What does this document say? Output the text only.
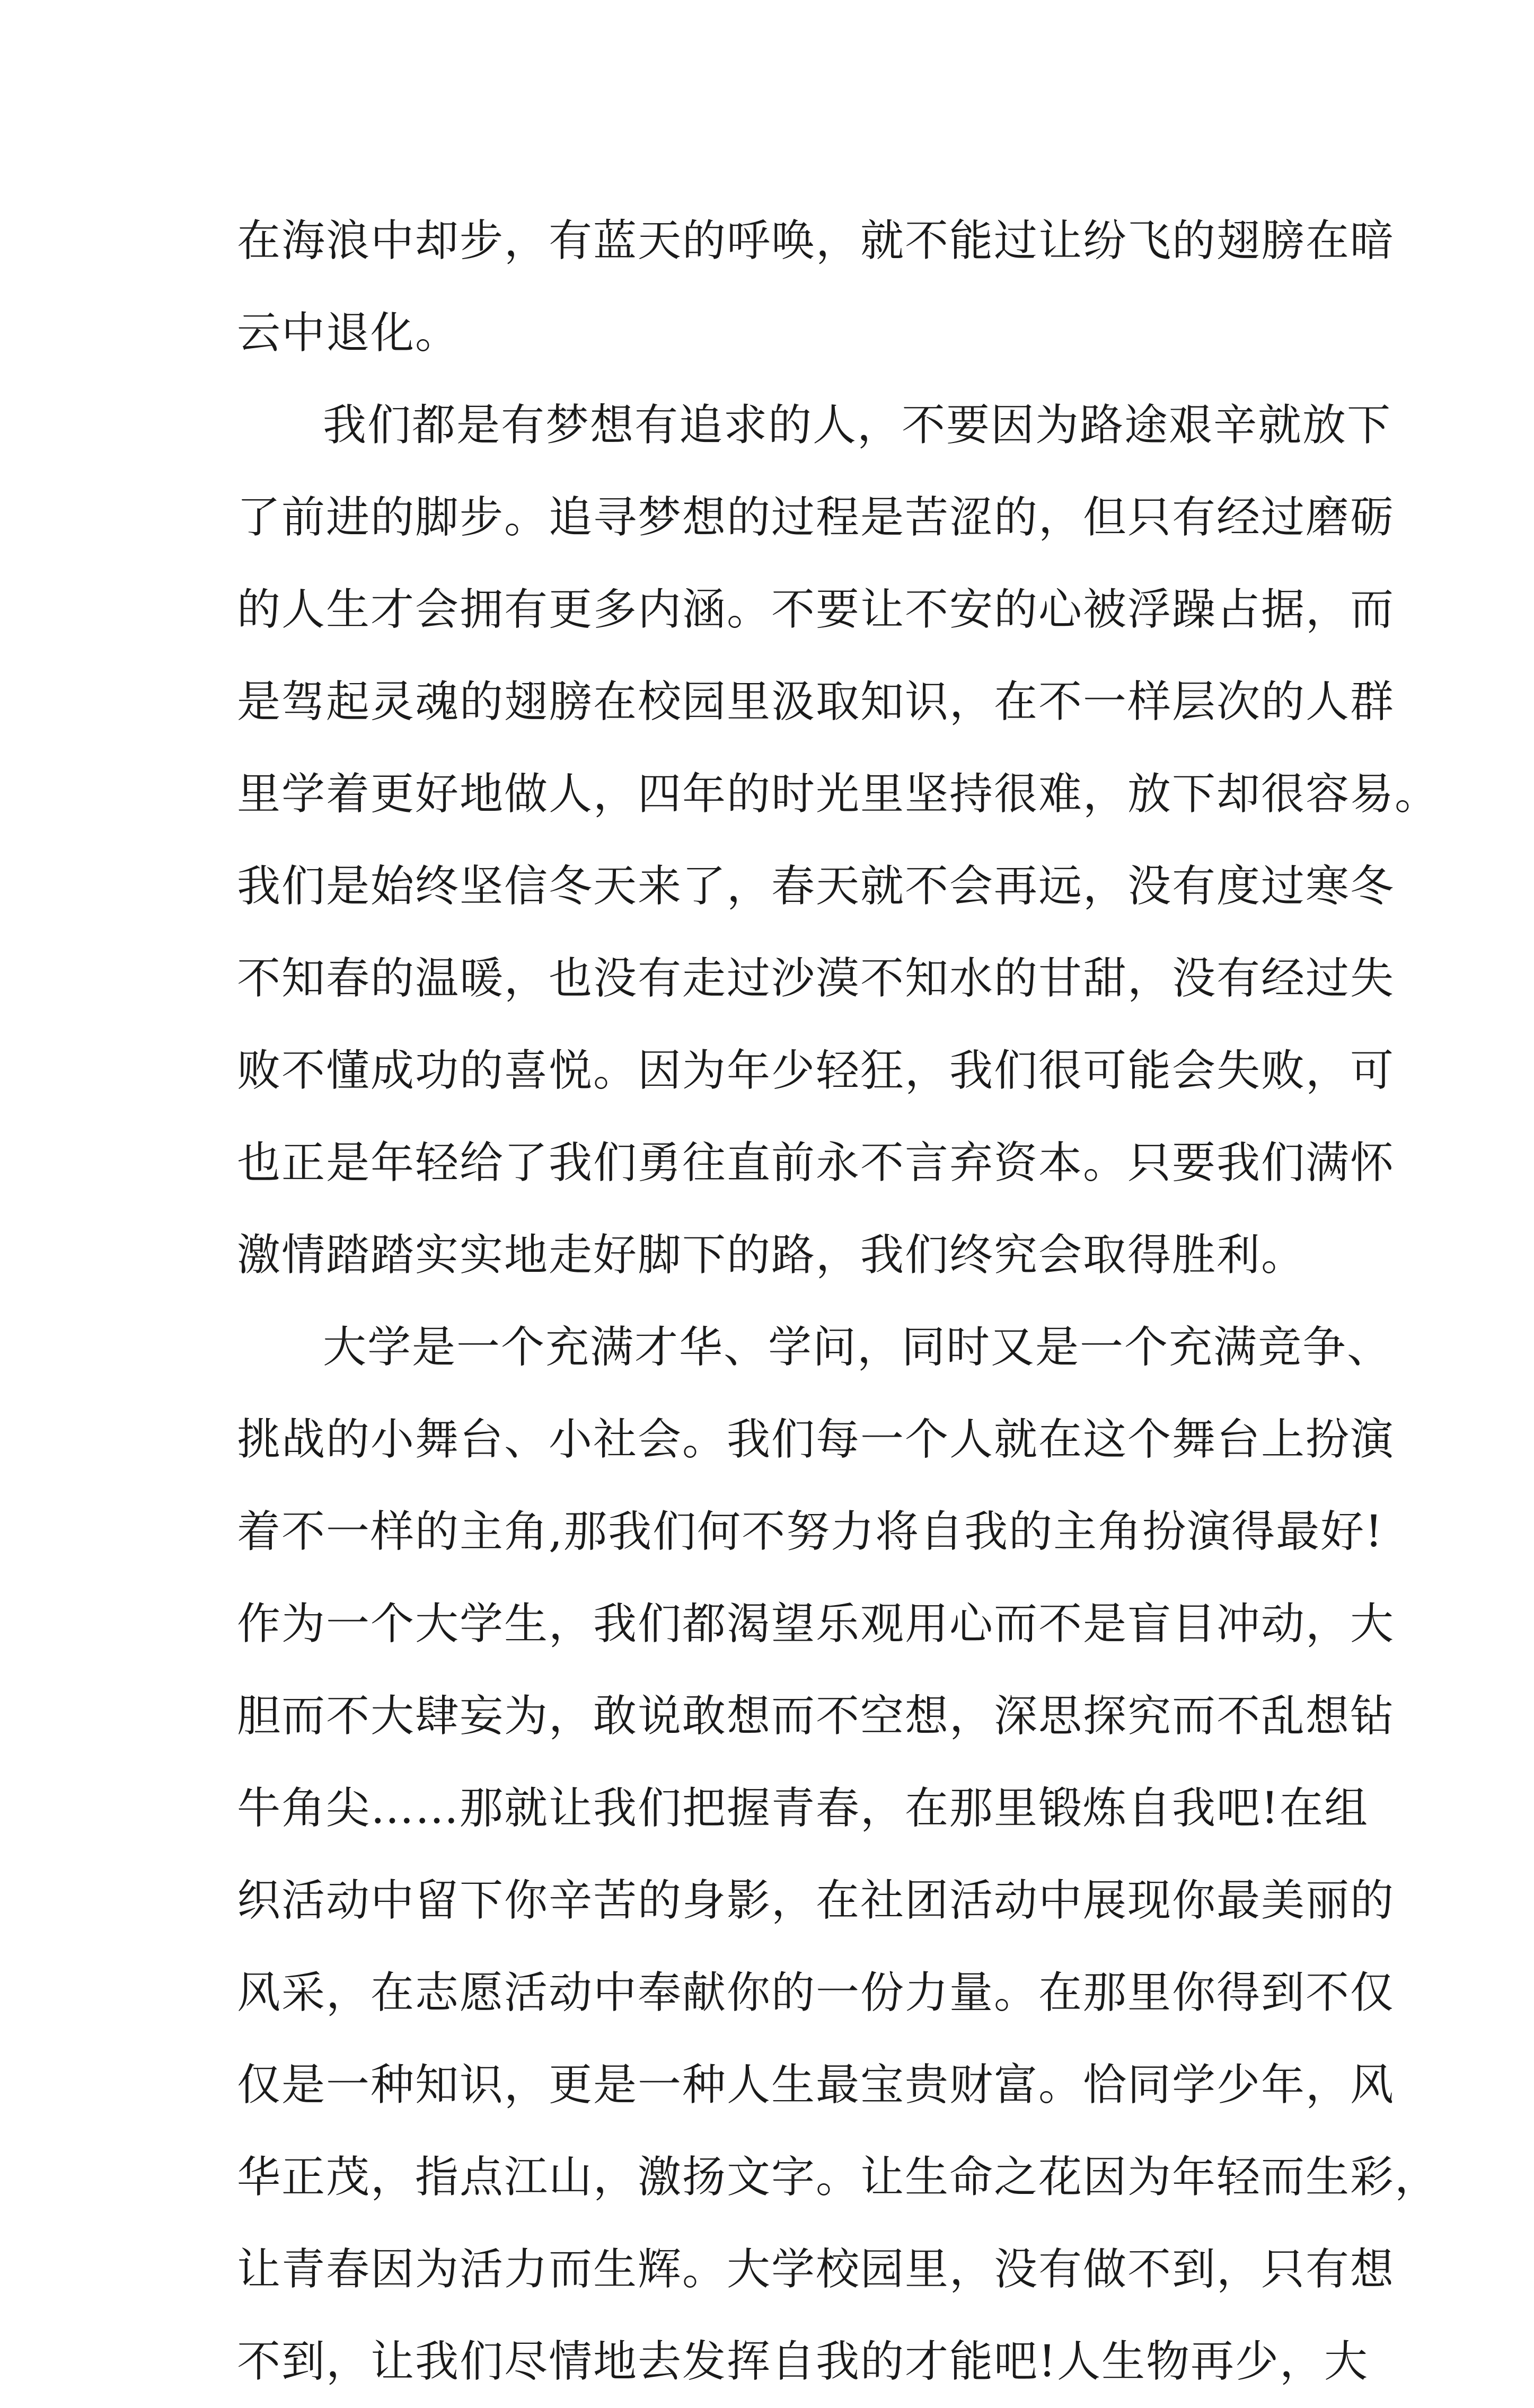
在海浪中却步，有蓝天的呼唤，就不能过让纷飞的翅膀在暗
云中退化。
我们都是有梦想有追求的人，不要因为路途艰辛就放下
了前进的脚步。追寻梦想的过程是苦涩的，但只有经过磨砺
的人生才会拥有更多内涵。不要让不安的心被浮躁占据，而
是驾起灵魂的翅膀在校园里汲取知识，在不一样层次的人群
里学着更好地做人，四年的时光里坚持很难，放下却很容易。
我们是始终坚信冬天来了，春天就不会再远，没有度过寒冬
不知春的温暖，也没有走过沙漠不知水的甘甜，没有经过失
败不懂成功的喜悦。因为年少轻狂，我们很可能会失败，可
也正是年轻给了我们勇往直前永不言弃资本。只要我们满怀
激情踏踏实实地走好脚下的路，我们终究会取得胜利。
大学是一个充满才华、学问，同时又是一个充满竞争、
挑战的小舞台、小社会。我们每一个人就在这个舞台上扮演
着不一样的主角,那我们何不努力将自我的主角扮演得最好!
作为一个大学生，我们都渴望乐观用心而不是盲目冲动，大
胆而不大肆妄为，敢说敢想而不空想，深思探究而不乱想钻
牛角尖……那就让我们把握青春，在那里锻炼自我吧!在组
织活动中留下你辛苦的身影，在社团活动中展现你最美丽的
风采，在志愿活动中奉献你的一份力量。在那里你得到不仅
仅是一种知识，更是一种人生最宝贵财富。恰同学少年，风
华正茂，指点江山，激扬文字。让生命之花因为年轻而生彩，
让青春因为活力而生辉。大学校园里，没有做不到，只有想
不到，让我们尽情地去发挥自我的才能吧!人生物再少，大
